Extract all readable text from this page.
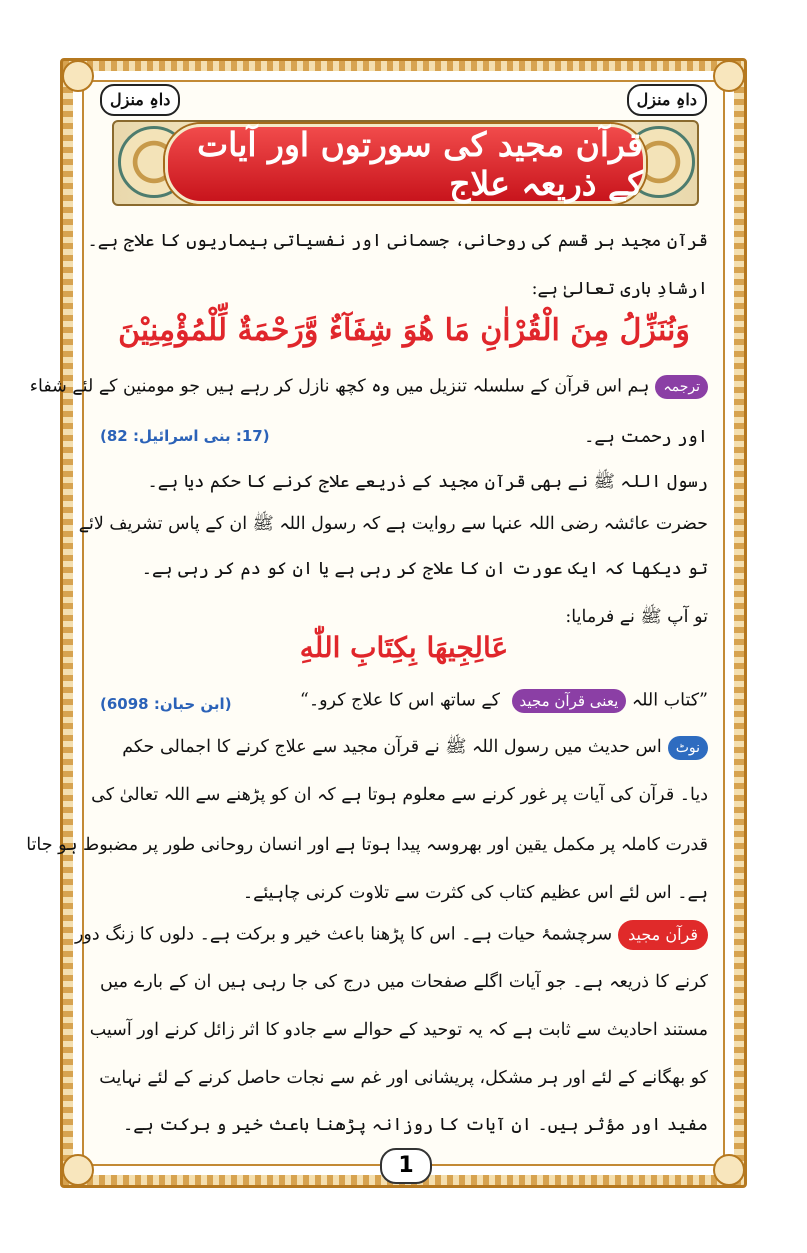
داہِ منزل	داہِ منزل
قرآن مجید کی سورتوں اور آیات کے ذریعہ علاج
قرآن مجید ہر قسم کی روحانی، جسمانی اور نفسیاتی بیماریوں کا علاج ہے۔
ارشادِ باری تعالیٰ ہے:
وَنُنَزِّلُ مِنَ الْقُرْاٰنِ مَا هُوَ شِفَآءٌ وَّرَحْمَةٌ لِّلْمُؤْمِنِيْنَ
ترجمہہم اس قرآن کے سلسلہ تنزیل میں وہ کچھ نازل کر رہے ہیں جو مومنین کے لئے شفاء
اور رحمت ہے۔
(17: بنی اسرائیل: 82)
رسول اللہ ﷺ نے بھی قرآن مجید کے ذریعے علاج کرنے کا حکم دیا ہے۔
حضرت عائشہ رضی اللہ عنہا سے روایت ہے کہ رسول اللہ ﷺ ان کے پاس تشریف لائے
تو دیکھا کہ ایک عورت ان کا علاج کر رہی ہے یا ان کو دم کر رہی ہے۔
تو آپ ﷺ نے فرمایا:
عَالِجِيهَا بِكِتَابِ اللّٰهِ
”کتاب اللہ یعنی قرآن مجید کے ساتھ اس کا علاج کرو۔“
(ابن حبان: 6098)
نوٹاس حدیث میں رسول اللہ ﷺ نے قرآن مجید سے علاج کرنے کا اجمالی حکم
دیا۔ قرآن کی آیات پر غور کرنے سے معلوم ہوتا ہے کہ ان کو پڑھنے سے اللہ تعالیٰ کی
قدرت کاملہ پر مکمل یقین اور بھروسہ پیدا ہوتا ہے اور انسان روحانی طور پر مضبوط ہو جاتا
ہے۔ اس لئے اس عظیم کتاب کی کثرت سے تلاوت کرنی چاہیئے۔
قرآن مجیدسرچشمۂ حیات ہے۔ اس کا پڑھنا باعث خیر و برکت ہے۔ دلوں کا زنگ دور
کرنے کا ذریعہ ہے۔ جو آیات اگلے صفحات میں درج کی جا رہی ہیں ان کے بارے میں
مستند احادیث سے ثابت ہے کہ یہ توحید کے حوالے سے جادو کا اثر زائل کرنے اور آسیب
کو بھگانے کے لئے اور ہر مشکل، پریشانی اور غم سے نجات حاصل کرنے کے لئے نہایت
مفید اور مؤثر ہیں۔ ان آیات کا روزانہ پڑھنا باعث خیر و برکت ہے۔
1
